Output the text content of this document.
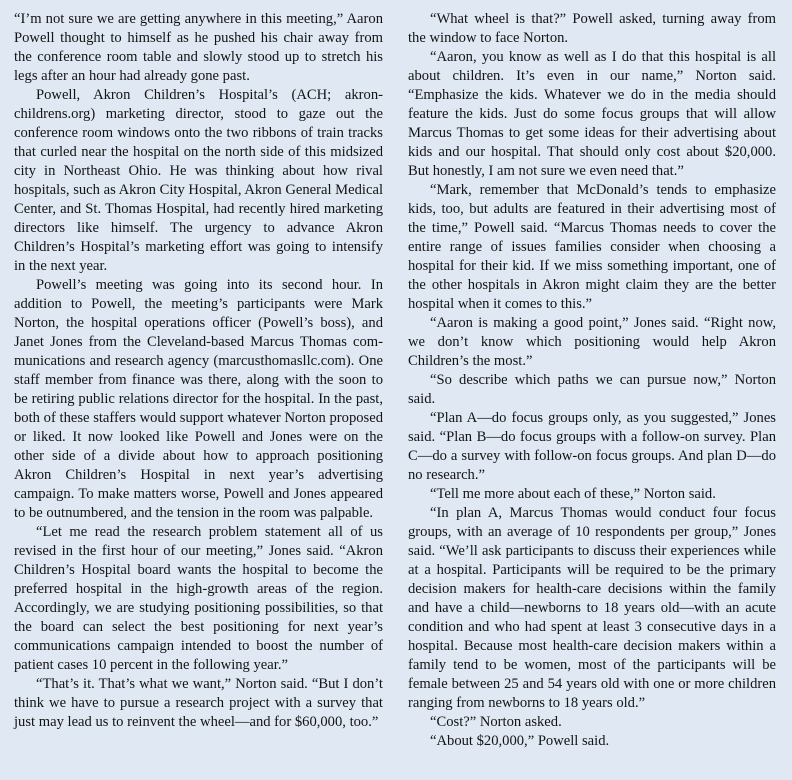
“I’m not sure we are getting anywhere in this meeting,” Aaron Powell thought to himself as he pushed his chair away from the conference room table and slowly stood up to stretch his legs after an hour had already gone past.

Powell, Akron Children’s Hospital’s (ACH; akronchildrens.org) marketing director, stood to gaze out the conference room windows onto the two ribbons of train tracks that curled near the hospital on the north side of this midsized city in Northeast Ohio. He was thinking about how rival hospitals, such as Akron City Hospital, Akron General Medical Center, and St. Thomas Hospital, had recently hired marketing directors like himself. The urgency to advance Akron Children’s Hospital’s marketing effort was going to intensify in the next year.

Powell’s meeting was going into its second hour. In addition to Powell, the meeting’s participants were Mark Norton, the hospital operations officer (Powell’s boss), and Janet Jones from the Cleveland-based Marcus Thomas communications and research agency (marcusthomasllc.com). One staff member from finance was there, along with the soon to be retiring public relations director for the hospital. In the past, both of these staffers would support whatever Norton proposed or liked. It now looked like Powell and Jones were on the other side of a divide about how to approach positioning Akron Children’s Hospital in next year’s advertising campaign. To make matters worse, Powell and Jones appeared to be outnumbered, and the tension in the room was palpable.

“Let me read the research problem statement all of us revised in the first hour of our meeting,” Jones said. “Akron Children’s Hospital board wants the hospital to become the preferred hospital in the high-growth areas of the region. Accordingly, we are studying positioning possibilities, so that the board can select the best positioning for next year’s communications campaign intended to boost the number of patient cases 10 percent in the following year.”

“That’s it. That’s what we want,” Norton said. “But I don’t think we have to pursue a research project with a survey that just may lead us to reinvent the wheel—and for $60,000, too.”

“What wheel is that?” Powell asked, turning away from the window to face Norton.

“Aaron, you know as well as I do that this hospital is all about children. It’s even in our name,” Norton said. “Emphasize the kids. Whatever we do in the media should feature the kids. Just do some focus groups that will allow Marcus Thomas to get some ideas for their advertising about kids and our hospital. That should only cost about $20,000. But honestly, I am not sure we even need that.”

“Mark, remember that McDonald’s tends to emphasize kids, too, but adults are featured in their advertising most of the time,” Powell said. “Marcus Thomas needs to cover the entire range of issues families consider when choosing a hospital for their kid. If we miss something important, one of the other hospitals in Akron might claim they are the better hospital when it comes to this.”

“Aaron is making a good point,” Jones said. “Right now, we don’t know which positioning would help Akron Children’s the most.”

“So describe which paths we can pursue now,” Norton said.

“Plan A—do focus groups only, as you suggested,” Jones said. “Plan B—do focus groups with a follow-on survey. Plan C—do a survey with follow-on focus groups. And plan D—do no research.”

“Tell me more about each of these,” Norton said.

“In plan A, Marcus Thomas would conduct four focus groups, with an average of 10 respondents per group,” Jones said. “We’ll ask participants to discuss their experiences while at a hospital. Participants will be required to be the primary decision makers for health-care decisions within the family and have a child—newborns to 18 years old—with an acute condition and who had spent at least 3 consecutive days in a hospital. Because most health-care decision makers within a family tend to be women, most of the participants will be female between 25 and 54 years old with one or more children ranging from newborns to 18 years old.”

“Cost?” Norton asked.

“About $20,000,” Powell said.
